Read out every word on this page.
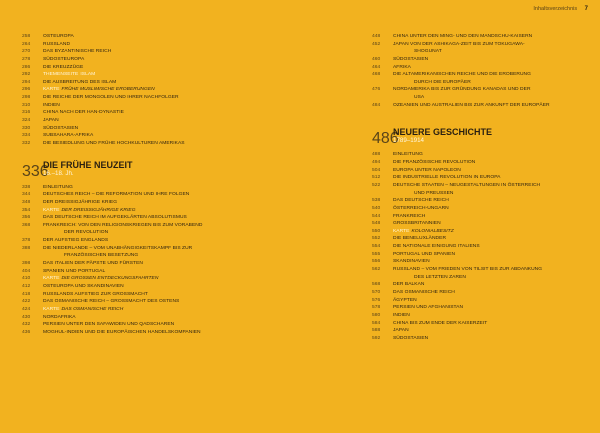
Inhaltsverzeichnis 7
258	OSTEUROPA
264	RUSSLAND
270	DAS BYZANTINISCHE REICH
278	SÜDOSTEUROPA
286	DIE KREUZZÜGE
292	THEMENSEITE ISLAM
294	DIE AUSBREITUNG DES ISLAM
296	KARTE FRÜHE MUSLIMISCHE EROBERUNGEN
298	DIE REICHE DER MONGOLEN UND IHRER NACHFOLGER
310	INDIEN
316	CHINA NACH DER HAN-DYNASTIE
324	JAPAN
330	SÜDOSTASIEN
334	SUBSAHARA-AFRIKA
332	DIE BESIEDLUNG UND FRÜHE HOCHKULTUREN AMERIKAS
336
DIE FRÜHE NEUZEIT
16.–18. Jh.
338	EINLEITUNG
344	DEUTSCHES REICH – DIE REFORMATION UND IHRE FOLGEN
348	DER DREISSIGJÄHRIGE KRIEG
354	KARTE DER DREISSIGJÄHRIGE KRIEG
356	DAS DEUTSCHE REICH IM AUFGEKLÄRTEN ABSOLUTISMUS
368	FRANKREICH: VON DEN RELIGIONSKRIEGEN BIS ZUM VORABEND
DER REVOLUTION
378	DER AUFSTIEG ENGLANDS
388	DIE NIEDERLANDE – VOM UNABHÄNGIGKEITSKAMPF BIS ZUR
FRANZÖSISCHEN BESETZUNG
398	DAS ITALIEN DER PÄPSTE UND FÜRSTEN
404	SPANIEN UND PORTUGAL
410	KARTE DIE GROSSEN ENTDECKUNGSFAHRTEN
412	OSTEUROPA UND SKANDINAVIEN
418	RUSSLANDS AUFSTIEG ZUR GROSSMACHT
422	DAS OSMANISCHE REICH – GROSSMACHT DES OSTENS
424	KARTE DAS OSMANISCHE REICH
430	NORDAFRIKA
432	PERSIEN UNTER DEN SAFAWIDEN UND QADSCHAREN
436	MOGHUL-INDIEN UND DIE EUROPÄISCHEN HANDELSKOMPANIEN
448	CHINA UNTER DEN MING- UND DEN MANDSCHU-KAISERN
452	JAPAN VON DER ASHIKAGA-ZEIT BIS ZUM TOKUGAWA-
SHOGUNAT
460	SÜDOSTASIEN
464	AFRIKA
468	DIE ALTAMERIKANISCHEN REICHE UND DIE EROBERUNG
DURCH DIE EUROPÄER
476	NORDAMERIKA BIS ZUR GRÜNDUNG KANADAS UND DER
USA
484	OZEANIEN UND AUSTRALIEN BIS ZUR ANKUNFT DER EUROPÄER
486
NEUERE GESCHICHTE
1789–1914
488	EINLEITUNG
494	DIE FRANZÖSISCHE REVOLUTION
504	EUROPA UNTER NAPOLEON
512	DIE INDUSTRIELLE REVOLUTION IN EUROPA
522	DEUTSCHE STAATEN – NEUGESTALTUNGEN IN ÖSTERREICH
UND PREUSSEN
538	DAS DEUTSCHE REICH
540	ÖSTERREICH-UNGARN
544	FRANKREICH
548	GROSSBRITANNIEN
550	KARTE KOLONIALBESITZ
552	DIE BENELUXLÄNDER
554	DIE NATIONALE EINIGUNG ITALIENS
555	PORTUGAL UND SPANIEN
556	SKANDINAVIEN
562	RUSSLAND – VOM FRIEDEN VON TILSIT BIS ZUR ABDANKUNG
DES LETZTEN ZAREN
568	DER BALKAN
570	DAS OSMANISCHE REICH
576	ÄGYPTEN
578	PERSIEN UND AFGHANISTAN
580	INDIEN
584	CHINA BIS ZUM ENDE DER KAISERZEIT
588	JAPAN
592	SÜDOSTASIEN
